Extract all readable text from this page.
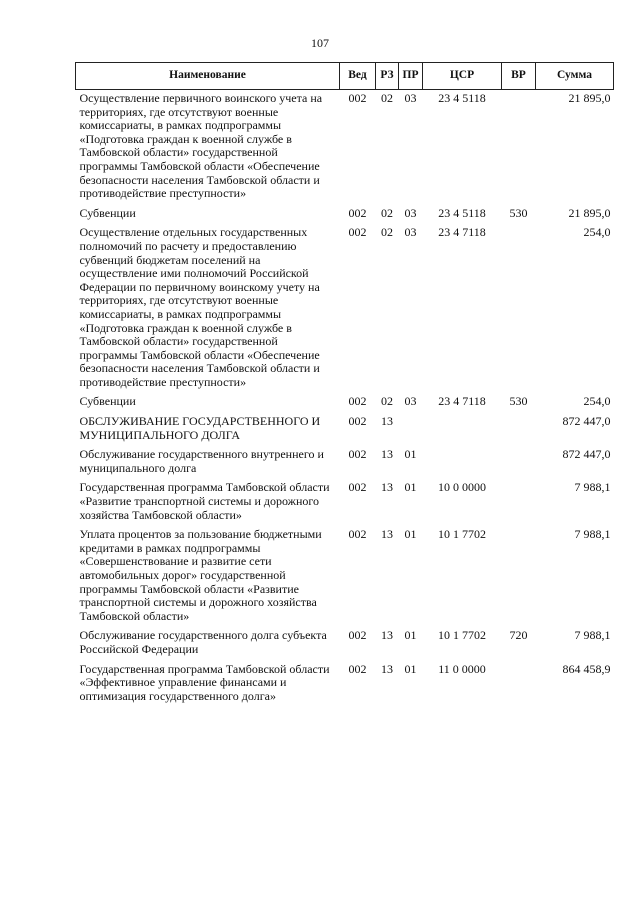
107
Наименование	Вед	РЗ	ПР	ЦСР	ВР	Сумма
Осуществление первичного воинского учета на территориях, где отсутствуют военные комиссариаты, в рамках подпрограммы «Подготовка граждан к военной службе в Тамбовской области» государственной программы Тамбовской области «Обеспечение безопасности населения Тамбовской области и противодействие преступности»	002	02	03	23 4 5118		21 895,0
Субвенции	002	02	03	23 4 5118	530	21 895,0
Осуществление отдельных государственных полномочий по расчету и предоставлению субвенций бюджетам поселений на осуществление ими полномочий Российской Федерации по первичному воинскому учету на территориях, где отсутствуют военные комиссариаты, в рамках подпрограммы «Подготовка граждан к военной службе в Тамбовской области» государственной программы Тамбовской области «Обеспечение безопасности населения Тамбовской области и противодействие преступности»	002	02	03	23 4 7118		254,0
Субвенции	002	02	03	23 4 7118	530	254,0
ОБСЛУЖИВАНИЕ ГОСУДАРСТВЕННОГО И МУНИЦИПАЛЬНОГО ДОЛГА	002	13				872 447,0
Обслуживание государственного внутреннего и муниципального долга	002	13	01			872 447,0
Государственная программа Тамбовской области «Развитие транспортной системы и дорожного хозяйства Тамбовской области»	002	13	01	10 0 0000		7 988,1
Уплата процентов за пользование бюджетными кредитами в рамках подпрограммы «Совершенствование и развитие сети автомобильных дорог» государственной программы Тамбовской области «Развитие транспортной системы и дорожного хозяйства Тамбовской области»	002	13	01	10 1 7702		7 988,1
Обслуживание государственного долга субъекта Российской Федерации	002	13	01	10 1 7702	720	7 988,1
Государственная программа Тамбовской области «Эффективное управление финансами и оптимизация государственного долга»	002	13	01	11 0 0000		864 458,9
